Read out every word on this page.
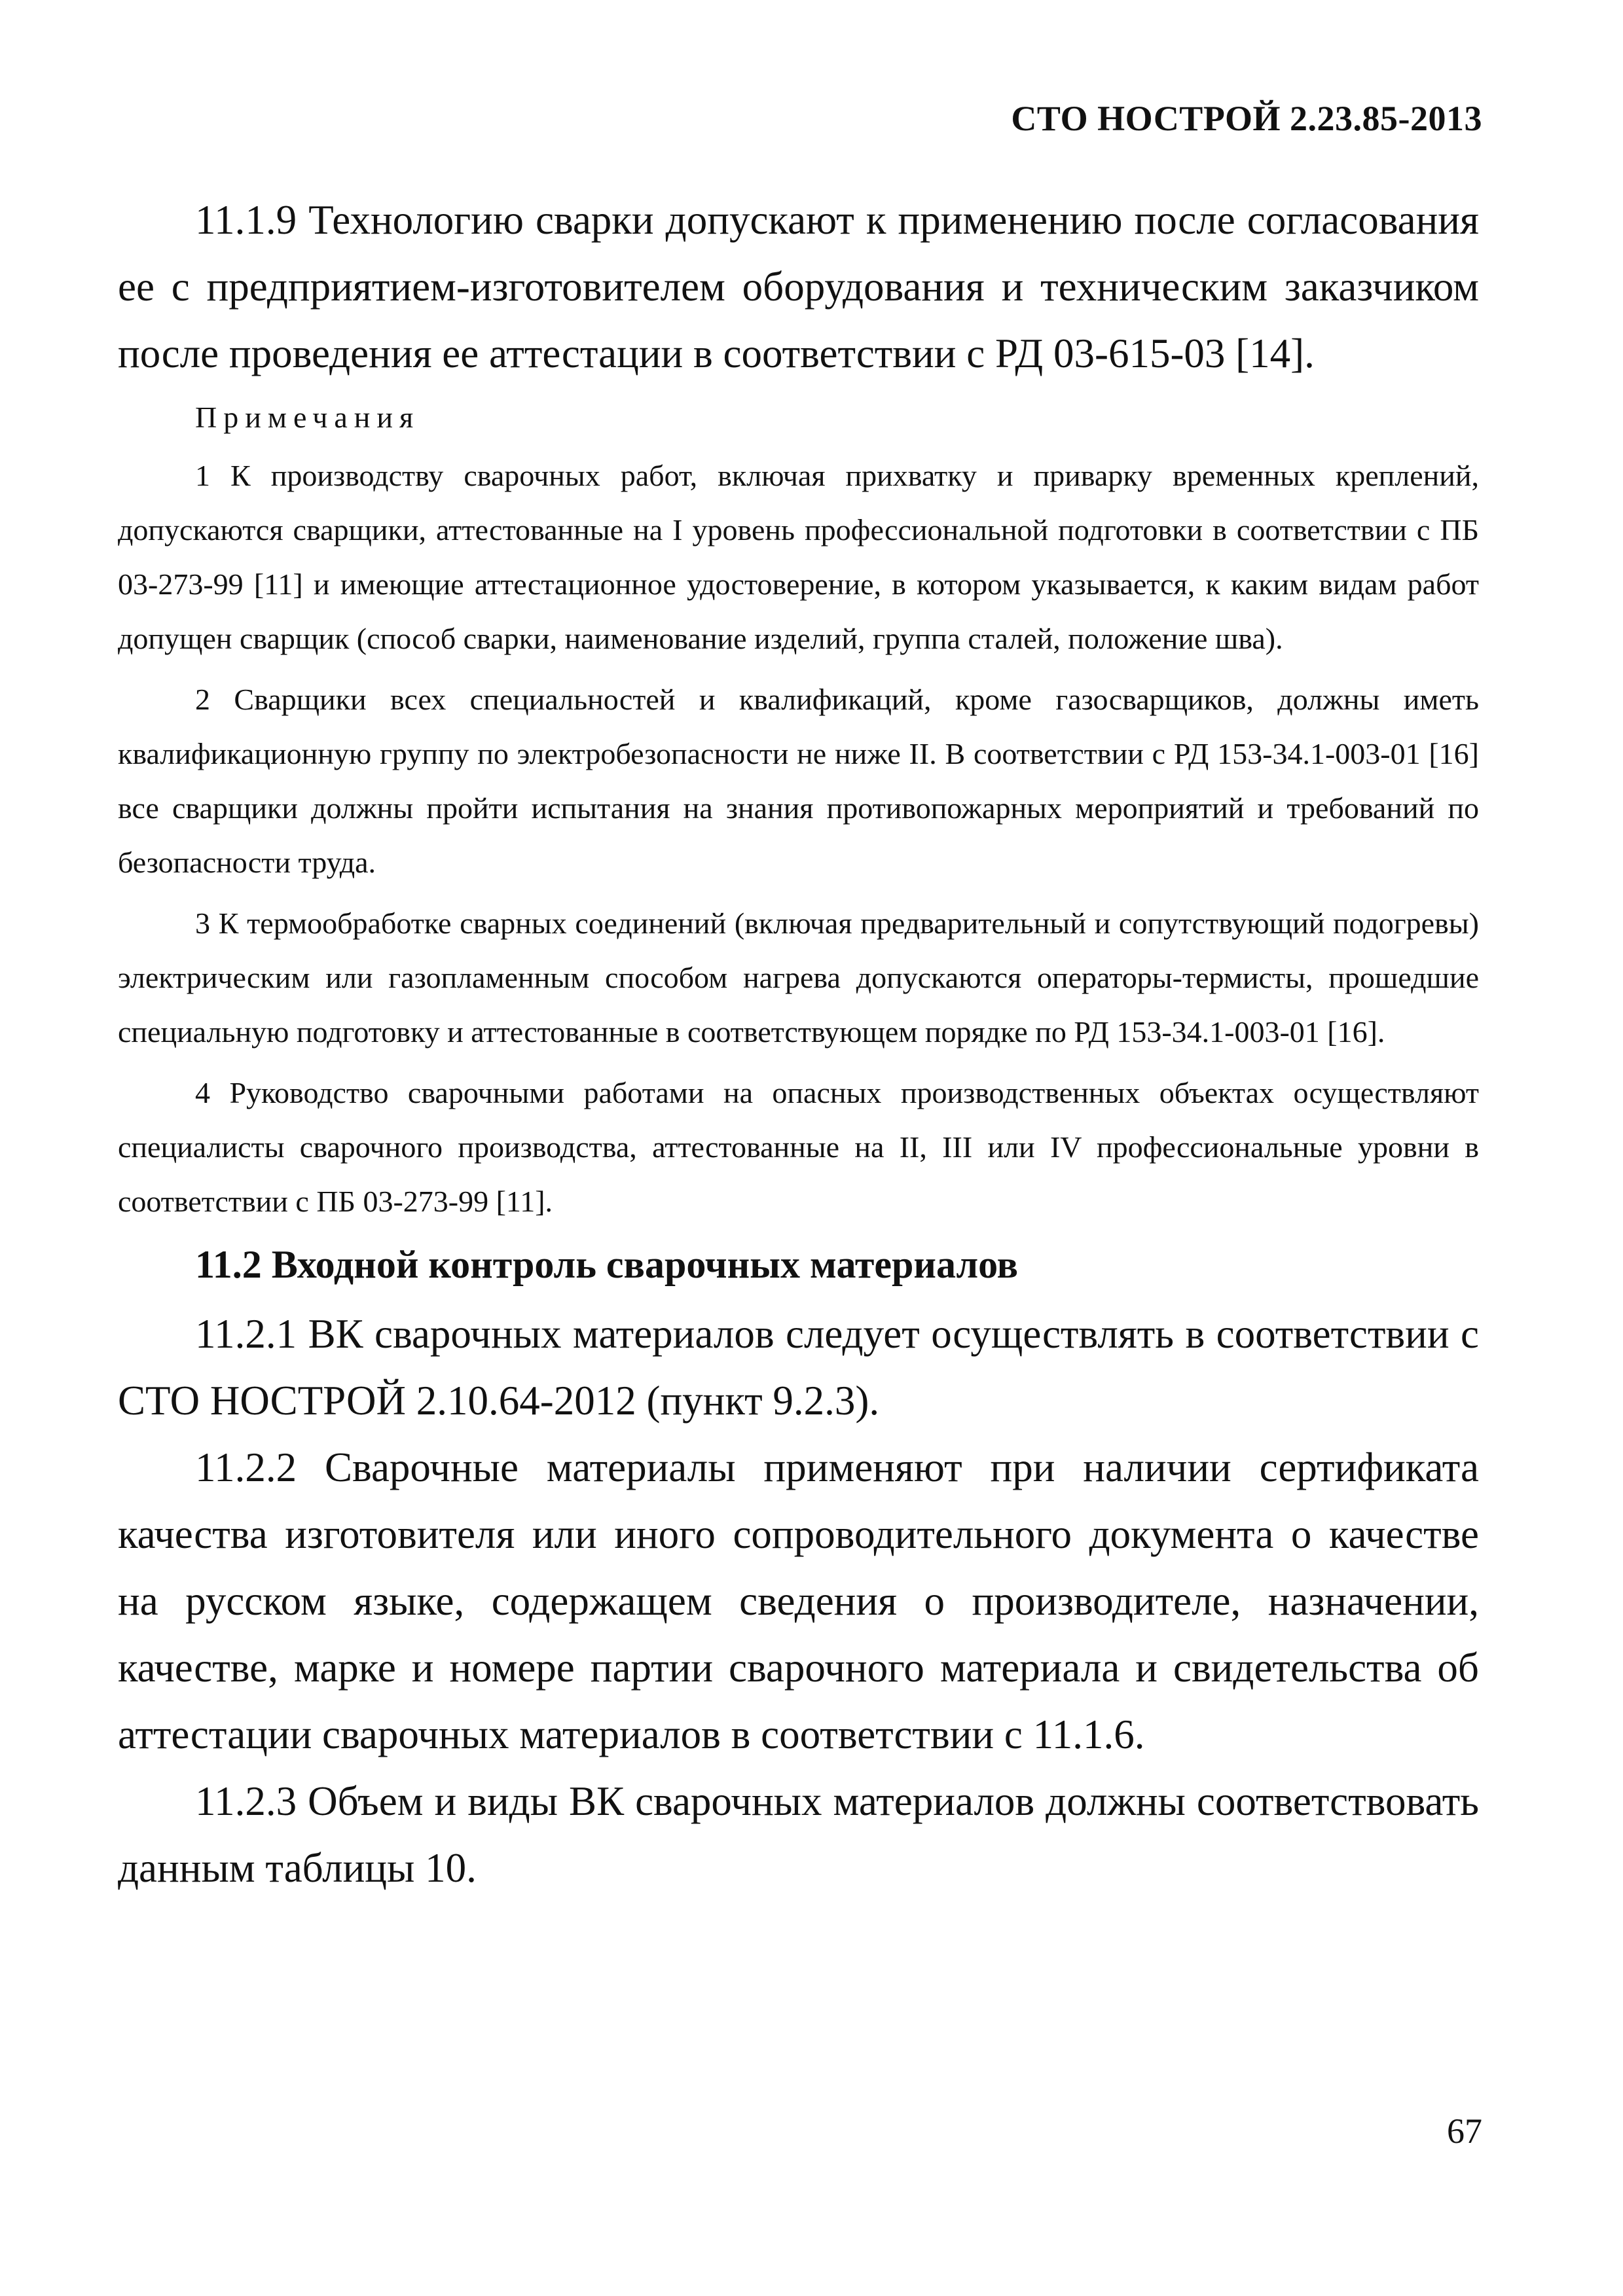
СТО НОСТРОЙ 2.23.85-2013

11.1.9 Технологию сварки допускают к применению после согласования ее с предприятием-изготовителем оборудования и техническим заказчиком после проведения ее аттестации в соответствии с РД 03-615-03 [14].

Примечания

1 К производству сварочных работ, включая прихватку и приварку временных креплений, допускаются сварщики, аттестованные на I уровень профессиональной подготовки в соответствии с ПБ 03-273-99 [11] и имеющие аттестационное удостоверение, в котором указывается, к каким видам работ допущен сварщик (способ сварки, наименование изделий, группа сталей, положение шва).

2 Сварщики всех специальностей и квалификаций, кроме газосварщиков, должны иметь квалификационную группу по электробезопасности не ниже II. В соответствии с РД 153-34.1-003-01 [16] все сварщики должны пройти испытания на знания противопожарных мероприятий и требований по безопасности труда.

3 К термообработке сварных соединений (включая предварительный и сопутствующий подогревы) электрическим или газопламенным способом нагрева допускаются операторы-термисты, прошедшие специальную подготовку и аттестованные в соответствующем порядке по РД 153-34.1-003-01 [16].

4 Руководство сварочными работами на опасных производственных объектах осуществляют специалисты сварочного производства, аттестованные на II, III или IV профессиональные уровни в соответствии с ПБ 03-273-99 [11].

11.2 Входной контроль сварочных материалов

11.2.1 ВК сварочных материалов следует осуществлять в соответствии с СТО НОСТРОЙ 2.10.64-2012 (пункт 9.2.3).

11.2.2 Сварочные материалы применяют при наличии сертификата качества изготовителя или иного сопроводительного документа о качестве на русском языке, содержащем сведения о производителе, назначении, качестве, марке и номере партии сварочного материала и свидетельства об аттестации сварочных материалов в соответствии с 11.1.6.

11.2.3 Объем и виды ВК сварочных материалов должны соответствовать данным таблицы 10.

67
